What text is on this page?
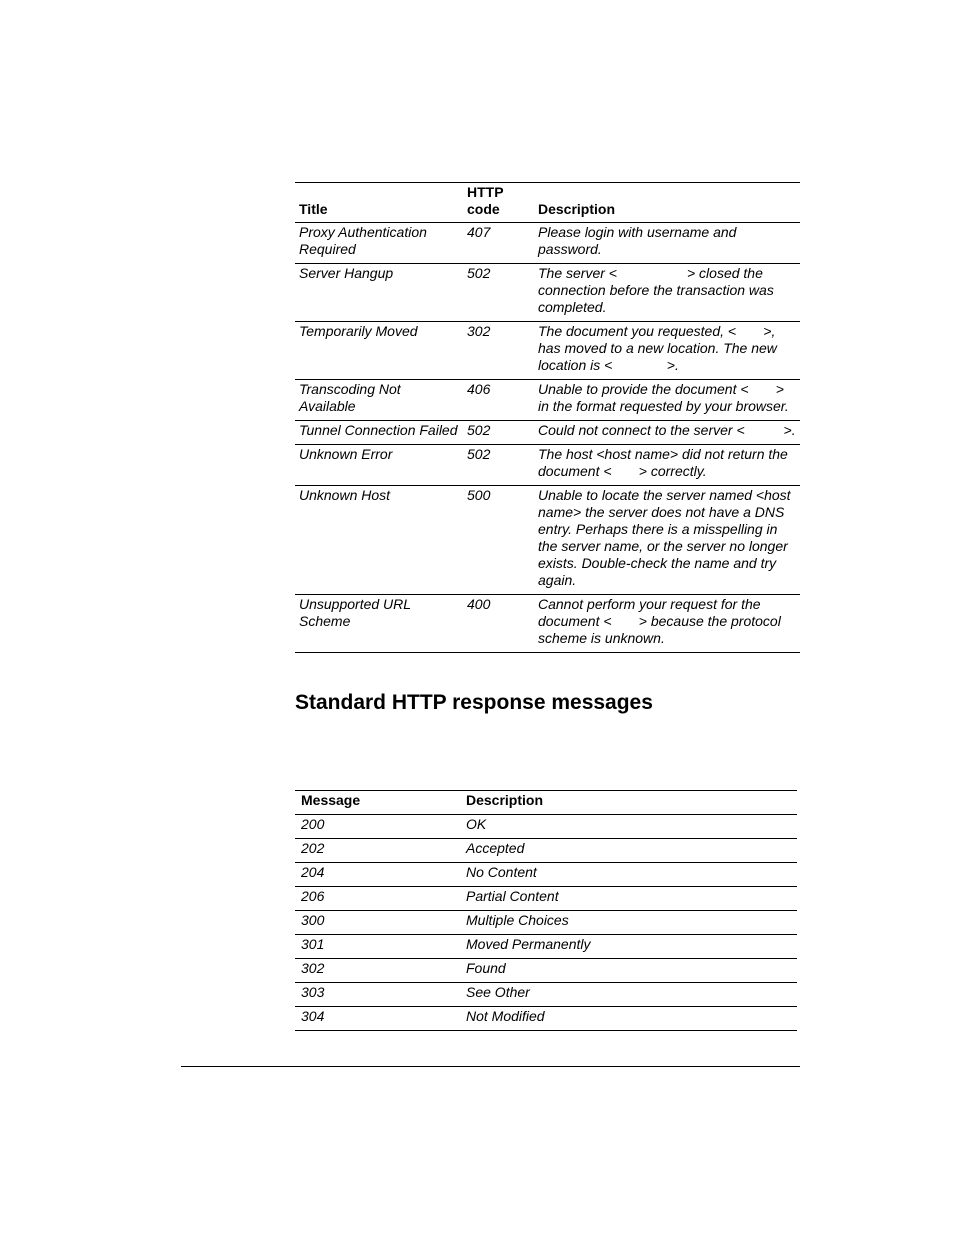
Title	HTTP code	Description
Proxy Authentication Required	407	Please login with username and password.
Server Hangup	502	The server <                  > closed the connection before the transaction was completed.
Temporarily Moved	302	The document you requested, <       >, has moved to a new location. The new location is <              >.
Transcoding Not Available	406	Unable to provide the document <       > in the format requested by your browser.
Tunnel Connection Failed	502	Could not connect to the server <          >.
Unknown Error	502	The host <host name> did not return the document <       > correctly.
Unknown Host	500	Unable to locate the server named <host name> the server does not have a DNS entry. Perhaps there is a misspelling in the server name, or the server no longer exists. Double-check the name and try again.
Unsupported URL Scheme	400	Cannot perform your request for the document <       > because the protocol scheme is unknown.
Standard HTTP response messages
Message	Description
200	OK
202	Accepted
204	No Content
206	Partial Content
300	Multiple Choices
301	Moved Permanently
302	Found
303	See Other
304	Not Modified
